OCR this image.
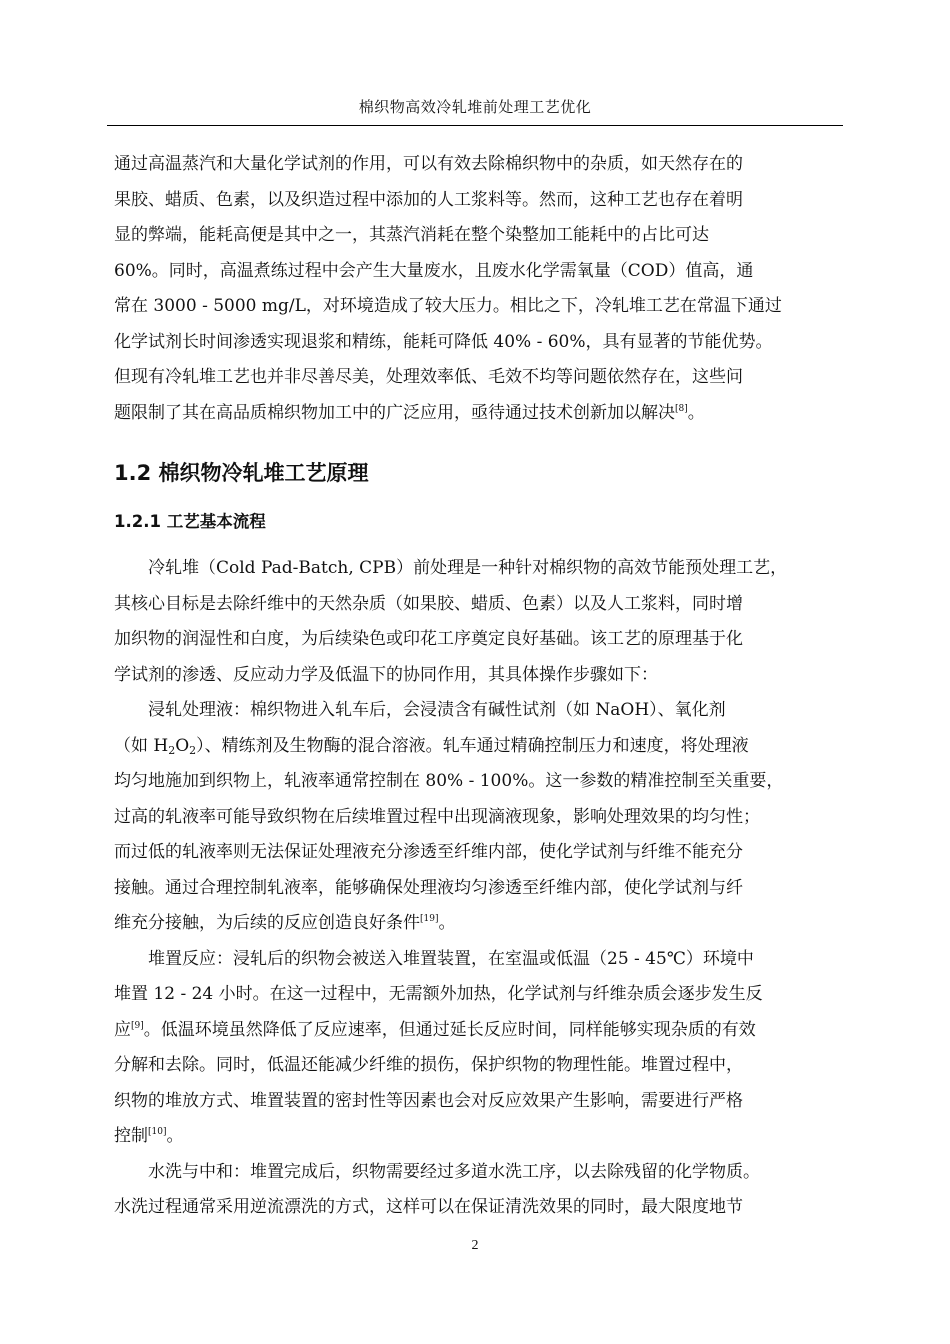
棉织物高效冷轧堆前处理工艺优化
通过高温蒸汽和大量化学试剂的作用，可以有效去除棉织物中的杂质，如天然存在的
果胶、蜡质、色素，以及织造过程中添加的人工浆料等。然而，这种工艺也存在着明
显的弊端，能耗高便是其中之一，其蒸汽消耗在整个染整加工能耗中的占比可达
60%。同时，高温煮练过程中会产生大量废水，且废水化学需氧量（COD）值高，通
常在 3000 - 5000 mg/L，对环境造成了较大压力。相比之下，冷轧堆工艺在常温下通过
化学试剂长时间渗透实现退浆和精练，能耗可降低 40% - 60%，具有显著的节能优势。
但现有冷轧堆工艺也并非尽善尽美，处理效率低、毛效不均等问题依然存在，这些问
题限制了其在高品质棉织物加工中的广泛应用，亟待通过技术创新加以解决[8]。
1.2 棉织物冷轧堆工艺原理
1.2.1 工艺基本流程
冷轧堆（Cold Pad-Batch, CPB）前处理是一种针对棉织物的高效节能预处理工艺，
其核心目标是去除纤维中的天然杂质（如果胶、蜡质、色素）以及人工浆料，同时增
加织物的润湿性和白度，为后续染色或印花工序奠定良好基础。该工艺的原理基于化
学试剂的渗透、反应动力学及低温下的协同作用，其具体操作步骤如下：
浸轧处理液：棉织物进入轧车后，会浸渍含有碱性试剂（如 NaOH）、氧化剂
（如 $H_2O_2$）、精练剂及生物酶的混合溶液。轧车通过精确控制压力和速度，将处理液
均匀地施加到织物上，轧液率通常控制在 80% - 100%。这一参数的精准控制至关重要，
过高的轧液率可能导致织物在后续堆置过程中出现滴液现象，影响处理效果的均匀性；
而过低的轧液率则无法保证处理液充分渗透至纤维内部，使化学试剂与纤维不能充分
接触。通过合理控制轧液率，能够确保处理液均匀渗透至纤维内部，使化学试剂与纤
维充分接触，为后续的反应创造良好条件[19]。
堆置反应：浸轧后的织物会被送入堆置装置，在室温或低温（25 - 45℃）环境中
堆置 12 - 24 小时。在这一过程中，无需额外加热，化学试剂与纤维杂质会逐步发生反
应[9]。低温环境虽然降低了反应速率，但通过延长反应时间，同样能够实现杂质的有效
分解和去除。同时，低温还能减少纤维的损伤，保护织物的物理性能。堆置过程中，
织物的堆放方式、堆置装置的密封性等因素也会对反应效果产生影响，需要进行严格
控制[10]。
水洗与中和：堆置完成后，织物需要经过多道水洗工序，以去除残留的化学物质。
水洗过程通常采用逆流漂洗的方式，这样可以在保证清洗效果的同时，最大限度地节
2
